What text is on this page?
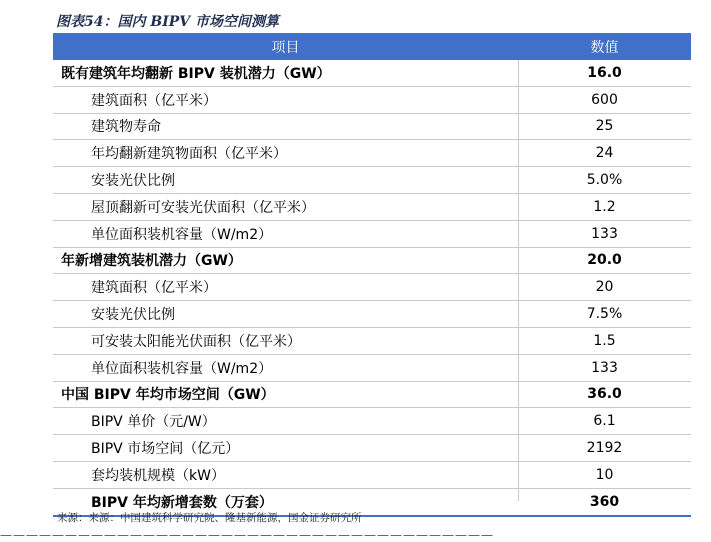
图表54：国内 BIPV 市场空间测算
项目	数值
既有建筑年均翻新 BIPV 装机潜力（GW）	16.0
建筑面积（亿平米）	600
建筑物寿命	25
年均翻新建筑物面积（亿平米）	24
安装光伏比例	5.0%
屋顶翻新可安装光伏面积（亿平米）	1.2
单位面积装机容量（W/m2）	133
年新增建筑装机潜力（GW）	20.0
建筑面积（亿平米）	20
安装光伏比例	7.5%
可安装太阳能光伏面积（亿平米）	1.5
单位面积装机容量（W/m2）	133
中国 BIPV 年均市场空间（GW）	36.0
BIPV 单价（元/W）	6.1
BIPV 市场空间（亿元）	2192
套均装机规模（kW）	10
BIPV 年均新增套数（万套）	360
来源：来源：中国建筑科学研究院、隆基新能源，国金证券研究所
——————————————————————————————————————
